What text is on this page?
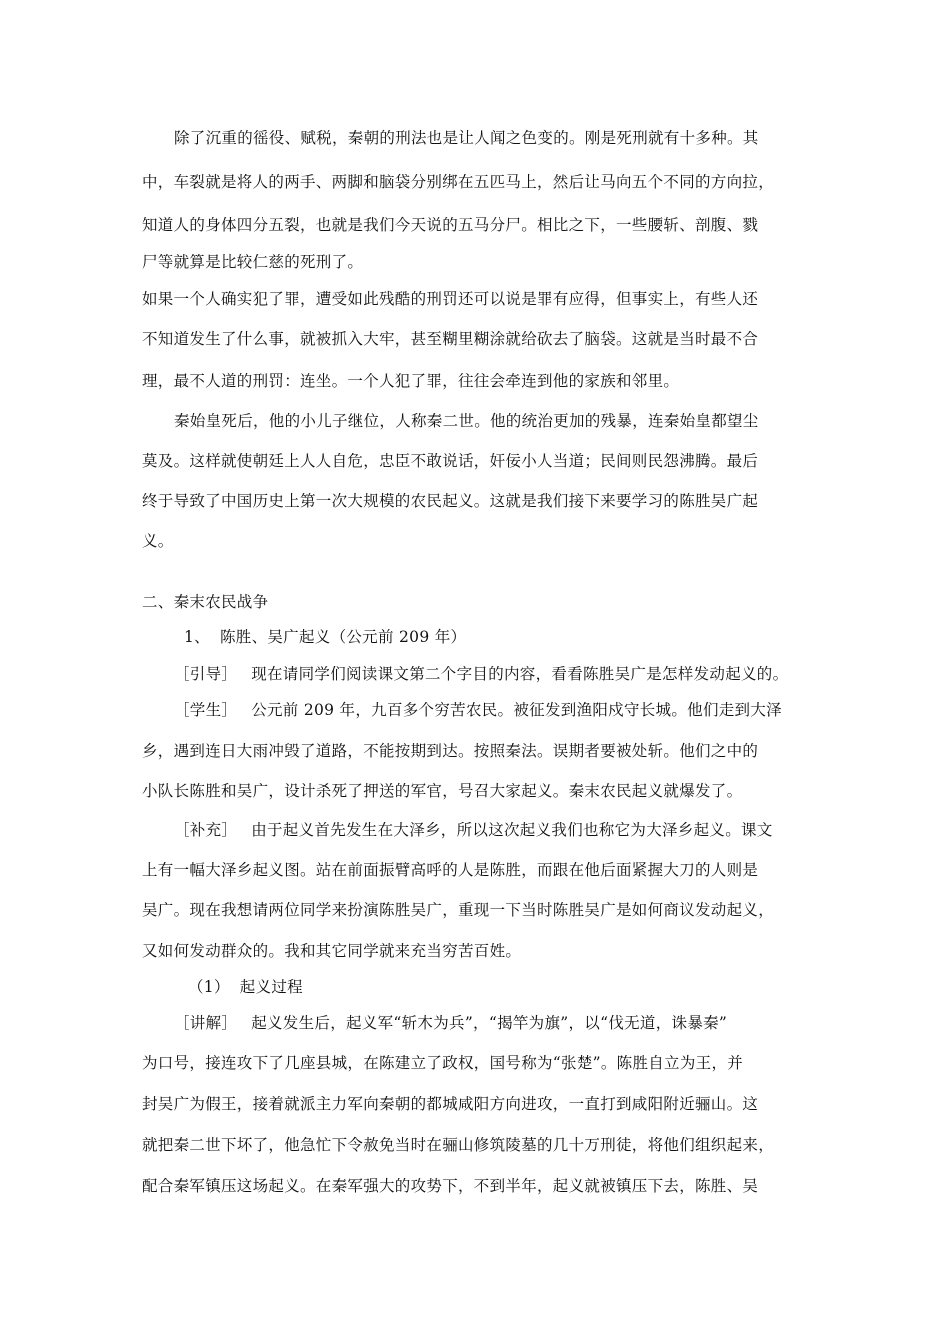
除了沉重的徭役、赋税，秦朝的刑法也是让人闻之色变的。刚是死刑就有十多种。其
中，车裂就是将人的两手、两脚和脑袋分别绑在五匹马上，然后让马向五个不同的方向拉，
知道人的身体四分五裂，也就是我们今天说的五马分尸。相比之下，一些腰斩、剖腹、戮
尸等就算是比较仁慈的死刑了。
如果一个人确实犯了罪，遭受如此残酷的刑罚还可以说是罪有应得，但事实上，有些人还
不知道发生了什么事，就被抓入大牢，甚至糊里糊涂就给砍去了脑袋。这就是当时最不合
理，最不人道的刑罚：连坐。一个人犯了罪，往往会牵连到他的家族和邻里。
秦始皇死后，他的小儿子继位，人称秦二世。他的统治更加的残暴，连秦始皇都望尘
莫及。这样就使朝廷上人人自危，忠臣不敢说话，奸佞小人当道；民间则民怨沸腾。最后
终于导致了中国历史上第一次大规模的农民起义。这就是我们接下来要学习的陈胜吴广起
义。
二、秦末农民战争
1、 陈胜、吴广起义（公元前 209 年）
［引导］ 现在请同学们阅读课文第二个字目的内容，看看陈胜吴广是怎样发动起义的。
［学生］ 公元前 209 年，九百多个穷苦农民。被征发到渔阳戍守长城。他们走到大泽
乡，遇到连日大雨冲毁了道路，不能按期到达。按照秦法。误期者要被处斩。他们之中的
小队长陈胜和吴广，设计杀死了押送的军官，号召大家起义。秦末农民起义就爆发了。
［补充］ 由于起义首先发生在大泽乡，所以这次起义我们也称它为大泽乡起义。课文
上有一幅大泽乡起义图。站在前面振臂高呼的人是陈胜，而跟在他后面紧握大刀的人则是
吴广。现在我想请两位同学来扮演陈胜吴广，重现一下当时陈胜吴广是如何商议发动起义，
又如何发动群众的。我和其它同学就来充当穷苦百姓。
（1） 起义过程
［讲解］ 起义发生后，起义军“斩木为兵”，“揭竿为旗”，以“伐无道，诛暴秦”
为口号，接连攻下了几座县城，在陈建立了政权，国号称为“张楚”。陈胜自立为王，并
封吴广为假王，接着就派主力军向秦朝的都城咸阳方向进攻，一直打到咸阳附近骊山。这
就把秦二世下坏了，他急忙下令赦免当时在骊山修筑陵墓的几十万刑徒，将他们组织起来，
配合秦军镇压这场起义。在秦军强大的攻势下，不到半年，起义就被镇压下去，陈胜、吴
